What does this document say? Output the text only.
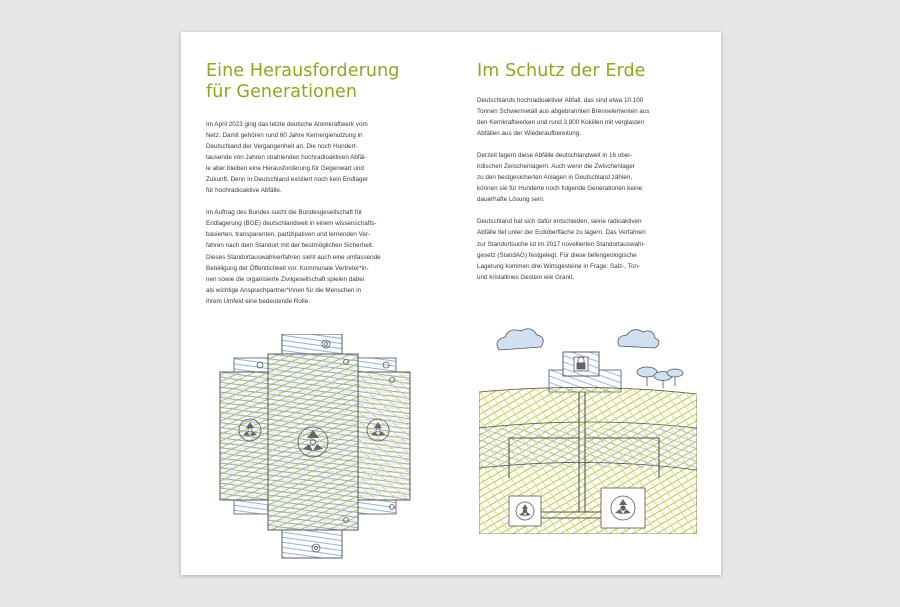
Eine Herausforderung
für Generationen

Im April 2023 ging das letzte deutsche Atomkraftwerk vom
Netz. Damit gehören rund 60 Jahre Kernergienutzung in
Deutschland der Vergangenheit an. Die noch Hundert-
tausende von Jahren strahlenden hochradioaktiven Abfäl-
le aber bleiben eine Herausforderung für Gegenwart und
Zukunft. Denn in Deutschland existiert noch kein Endlager
für hochradioaktive Abfälle.

Im Auftrag des Bundes sucht die Bundesgesellschaft für
Endlagerung (BGE) deutschlandweit in einem wissenschafts-
basierten, transparenten, partizipativen und lernenden Ver-
fahren nach dem Standort mit der bestmöglichen Sicherheit.
Dieses Standortauswahlverfahren sieht auch eine umfassende
Beteiligung der Öffentlichkeit vor. Kommunale Vertreter*in-
nen sowie die organisierte Zivilgesellschaft spielen dabei
als wichtige Ansprechpartner*innen für die Menschen in
ihrem Umfeld eine bedeutende Rolle.

Im Schutz der Erde

Deutschlands hochradioaktiver Abfall, das sind etwa 10.100
Tonnen Schwermetall aus abgebrannten Brennelementen aus
den Kernkraftwerken und rund 3.800 Kokillen mit verglasten
Abfällen aus der Wiederaufbereitung.

Derzeit lagern diese Abfälle deutschlandweit in 16 ober-
irdischen Zwischenlagern. Auch wenn die Zwischenlager
zu den bestgesicherten Anlagen in Deutschland zählen,
können sie für Hunderte noch folgende Generationen keine
dauerhafte Lösung sein.

Deutschland hat sich dafür entschieden, seine radioaktiven
Abfälle tief unter der Erdoberfläche zu lagern. Das Verfahren
zur Standortsuche ist im 2017 novellierten Standortauswahl-
gesetz (StandAG) festgelegt. Für diese tiefengeologische
Lagerung kommen drei Wirtsgesteine in Frage: Salz-, Ton-
und kristallines Gestein wie Granit.
